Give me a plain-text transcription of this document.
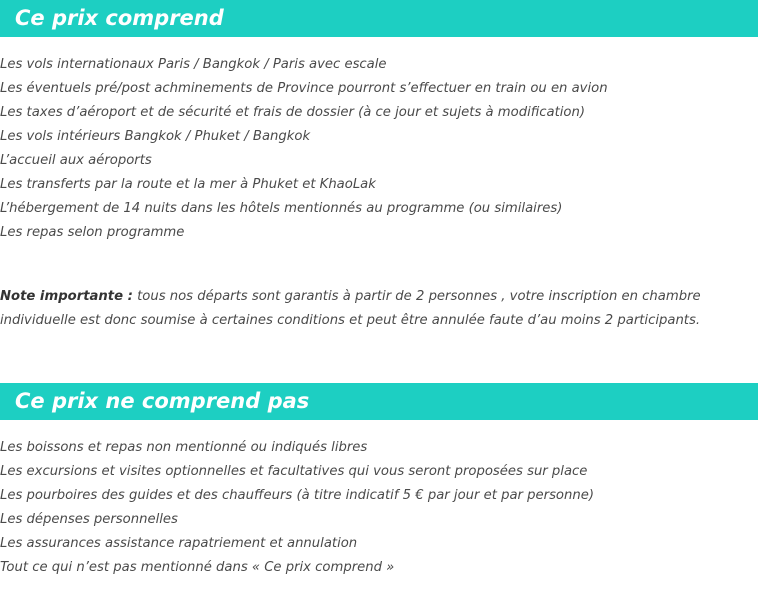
Ce prix comprend
Les vols internationaux Paris / Bangkok / Paris avec escale
Les éventuels pré/post achminements de Province pourront s’effectuer en train ou en avion
Les taxes d’aéroport et de sécurité et frais de dossier (à ce jour et sujets à modification)
Les vols intérieurs Bangkok / Phuket / Bangkok
L’accueil aux aéroports
Les transferts par la route et la mer à Phuket et KhaoLak
L’hébergement de 14 nuits dans les hôtels mentionnés au programme (ou similaires)
Les repas selon programme
Note importante : tous nos départs sont garantis à partir de 2 personnes , votre inscription en chambre individuelle est donc soumise à certaines conditions et peut être annulée faute d’au moins 2 participants.
Ce prix ne comprend pas
Les boissons et repas non mentionné ou indiqués libres
Les excursions et visites optionnelles et facultatives qui vous seront proposées sur place
Les pourboires des guides et des chauffeurs (à titre indicatif 5 € par jour et par personne)
Les dépenses personnelles
Les assurances assistance rapatriement et annulation
Tout ce qui n’est pas mentionné dans « Ce prix comprend »
